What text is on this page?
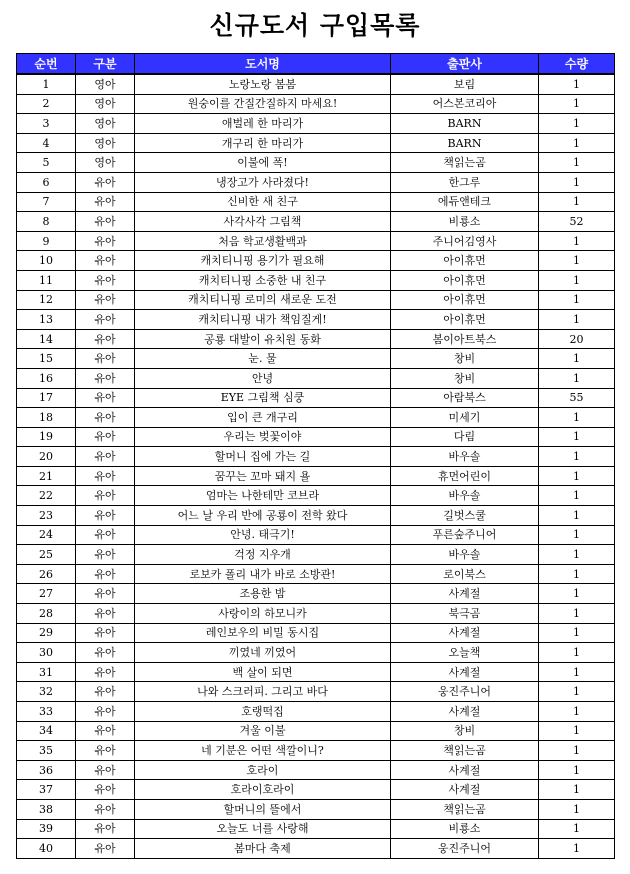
신규도서 구입목록
순번	구분	도서명	출판사	수량
1	영아	노랑노랑 봄봄	보림	1
2	영아	원숭이를 간질간질하지 마세요!	어스본코리아	1
3	영아	애벌레 한 마리가	BARN	1
4	영아	개구리 한 마리가	BARN	1
5	영아	이불에 폭!	책읽는곰	1
6	유아	냉장고가 사라졌다!	한그루	1
7	유아	신비한 새 친구	에듀앤테크	1
8	유아	사각사각 그림책	비룡소	52
9	유아	처음 학교생활백과	주니어김영사	1
10	유아	캐치티니핑 용기가 필요해	아이휴먼	1
11	유아	캐치티니핑 소중한 내 친구	아이휴먼	1
12	유아	캐치티니핑 로미의 새로운 도전	아이휴먼	1
13	유아	캐치티니핑 내가 책임질게!	아이휴먼	1
14	유아	공룡 대발이 유치원 동화	봄이아트북스	20
15	유아	눈. 물	창비	1
16	유아	안녕	창비	1
17	유아	EYE 그림책 심쿵	아람북스	55
18	유아	입이 큰 개구리	미세기	1
19	유아	우리는 벚꽃이야	다림	1
20	유아	할머니 집에 가는 길	바우솔	1
21	유아	꿈꾸는 꼬마 돼지 욜	휴먼어린이	1
22	유아	엄마는 나한테만 코브라	바우솔	1
23	유아	어느 날 우리 반에 공룡이 전학 왔다	길벗스쿨	1
24	유아	안녕. 태극기!	푸른숲주니어	1
25	유아	걱정 지우개	바우솔	1
26	유아	로보카 폴리 내가 바로 소방관!	로이북스	1
27	유아	조용한 밤	사계절	1
28	유아	사랑이의 하모니카	북극곰	1
29	유아	레인보우의 비밀 동시집	사계절	1
30	유아	끼였네 끼였어	오늘책	1
31	유아	백 살이 되면	사계절	1
32	유아	나와 스크러피. 그리고 바다	웅진주니어	1
33	유아	호랭떡집	사계절	1
34	유아	겨울 이불	창비	1
35	유아	네 기분은 어떤 색깔이니?	책읽는곰	1
36	유아	호라이	사계절	1
37	유아	호라이호라이	사계절	1
38	유아	할머니의 뜰에서	책읽는곰	1
39	유아	오늘도 너를 사랑해	비룡소	1
40	유아	봄마다 축제	웅진주니어	1
